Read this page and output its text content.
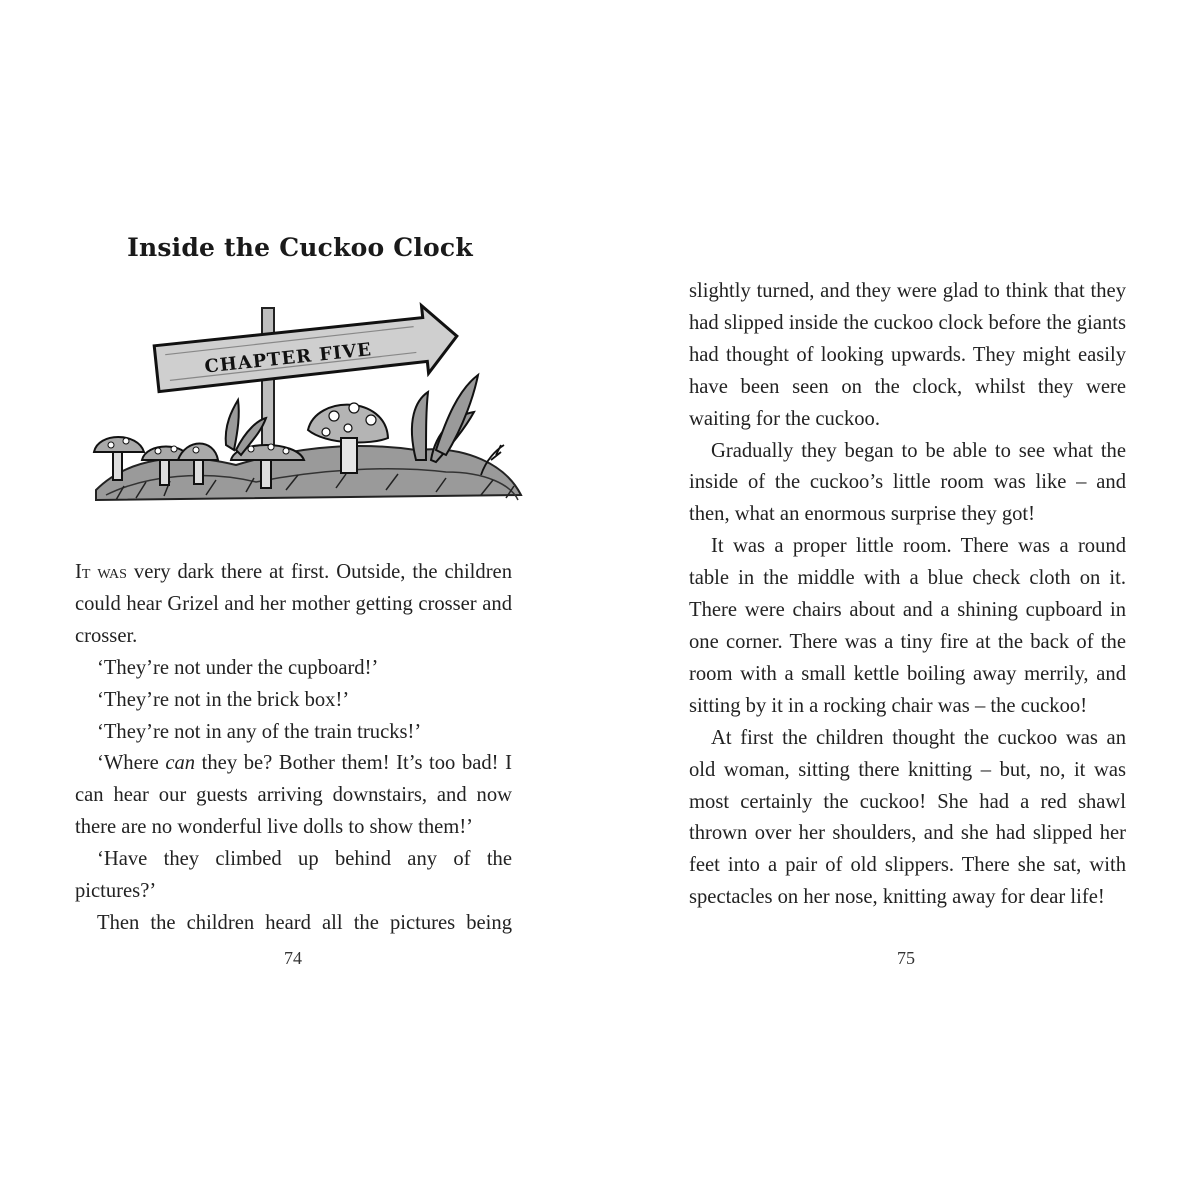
Inside the Cuckoo Clock
CHAPTER FIVE

It was very dark there at first. Outside, the children could hear Grizel and her mother getting crosser and crosser.

‘They’re not under the cupboard!’

‘They’re not in the brick box!’

‘They’re not in any of the train trucks!’

‘Where can they be? Bother them! It’s too bad! I can hear our guests arriving downstairs, and now there are no wonderful live dolls to show them!’

‘Have they climbed up behind any of the pictures?’

Then the children heard all the pictures being

74

slightly turned, and they were glad to think that they had slipped inside the cuckoo clock before the giants had thought of looking upwards. They might easily have been seen on the clock, whilst they were waiting for the cuckoo.

Gradually they began to be able to see what the inside of the cuckoo’s little room was like – and then, what an enormous surprise they got!

It was a proper little room. There was a round table in the middle with a blue check cloth on it. There were chairs about and a shining cupboard in one corner. There was a tiny fire at the back of the room with a small kettle boiling away merrily, and sitting by it in a rocking chair was – the cuckoo!

At first the children thought the cuckoo was an old woman, sitting there knitting – but, no, it was most certainly the cuckoo! She had a red shawl thrown over her shoulders, and she had slipped her feet into a pair of old slippers. There she sat, with spectacles on her nose, knitting away for dear life!

75
